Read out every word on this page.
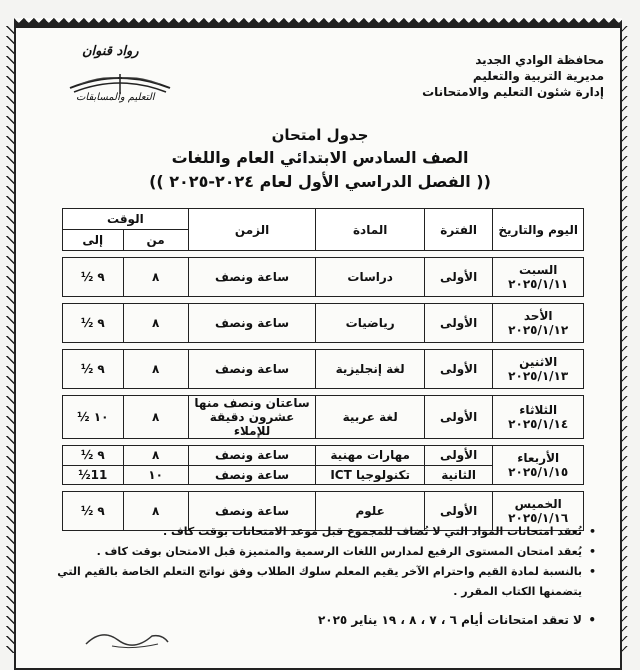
محافظة الوادي الجديد
مديرية التربية والتعليم
إدارة شئون التعليم والامتحانات
رواد قنوان
التعليم والمسابقات
جدول امتحان
الصف السادس الابتدائي العام واللغات
(( الفصل الدراسي الأول لعام ٢٠٢٤-٢٠٢٥ ))
اليوم والتاريخ	الفترة	المادة	الزمن	الوقت	
				من	إلى

السبت
٢٠٢٥/١/١١	الأولى	دراسات	ساعة ونصف	٨	٩ ½

الأحد
٢٠٢٥/١/١٢	الأولى	رياضيات	ساعة ونصف	٨	٩ ½

الاثنين
٢٠٢٥/١/١٣	الأولى	لغة إنجليزية	ساعة ونصف	٨	٩ ½

الثلاثاء
٢٠٢٥/١/١٤	الأولى	لغة عربية	ساعتان ونصف منها عشرون دقيقة للإملاء	٨	١٠ ½

الأربعاء
٢٠٢٥/١/١٥	الأولى	مهارات مهنية	ساعة ونصف	٨	٩ ½
	الثانية	تكنولوجيا ICT	ساعة ونصف	١٠	11½

الخميس
٢٠٢٥/١/١٦	الأولى	علوم	ساعة ونصف	٨	٩ ½
• تُعقد امتحانات المواد التي لا تُضاف للمجموع قبل موعد الامتحانات بوقت كاف .
• يُعقد امتحان المستوى الرفيع لمدارس اللغات الرسمية والمتميزة قبل الامتحان بوقت كاف .
• بالنسبة لمادة القيم واحترام الآخر يقيم المعلم سلوك الطلاب وفق نواتج التعلم الخاصة بالقيم التي يتضمنها الكتاب المقرر .
• لا تعقد امتحانات أيام ٦ ، ٧ ، ٨ ، ١٩ يناير ٢٠٢٥
